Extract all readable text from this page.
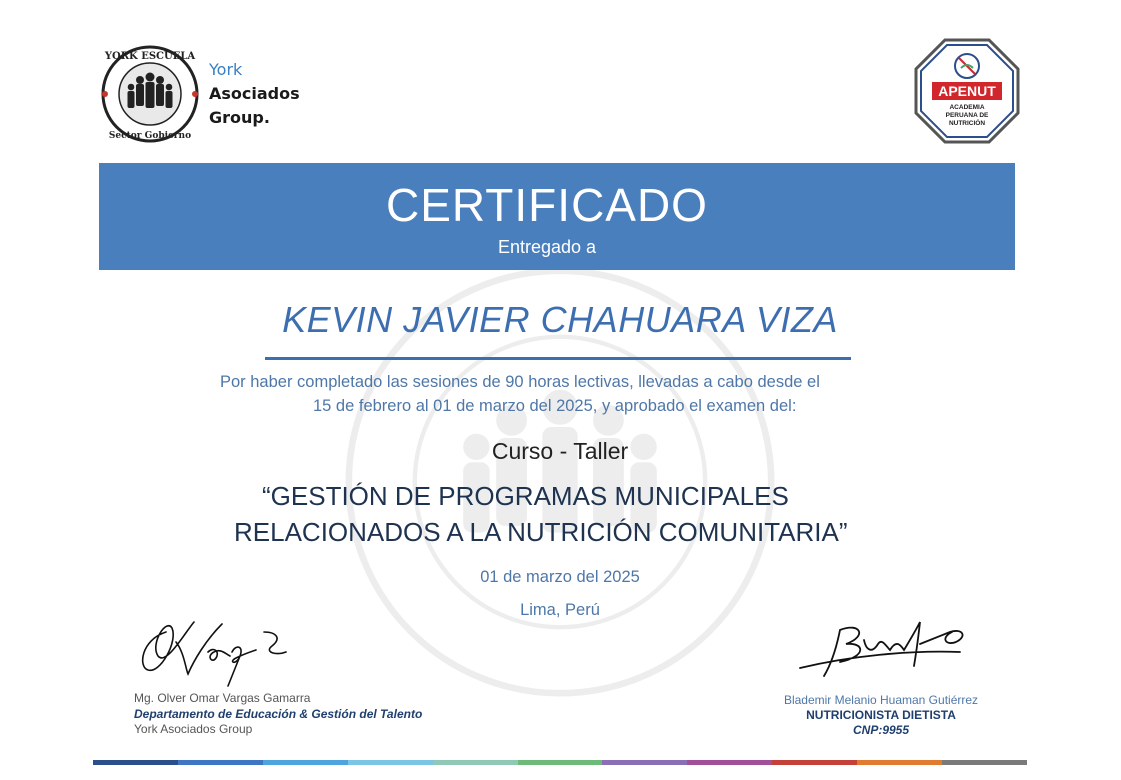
YORK ESCUELA
Sector Gobierno
York
Asociados
Group.
APENUT
ACADEMIA
PERUANA DE
NUTRICIÓN
CERTIFICADO
Entregado a
KEVIN JAVIER CHAHUARA VIZA
Por haber completado las sesiones de 90 horas lectivas, llevadas a cabo desde el
15 de febrero al 01 de marzo del 2025, y aprobado el examen del:
Curso - Taller
“GESTIÓN DE PROGRAMAS MUNICIPALES
RELACIONADOS A LA NUTRICIÓN COMUNITARIA”
01 de marzo del 2025
Lima, Perú
Mg. Olver Omar Vargas Gamarra
Departamento de Educación & Gestión del Talento
York Asociados Group
Blademir Melanio Huaman Gutiérrez
NUTRICIONISTA DIETISTA
CNP:9955
